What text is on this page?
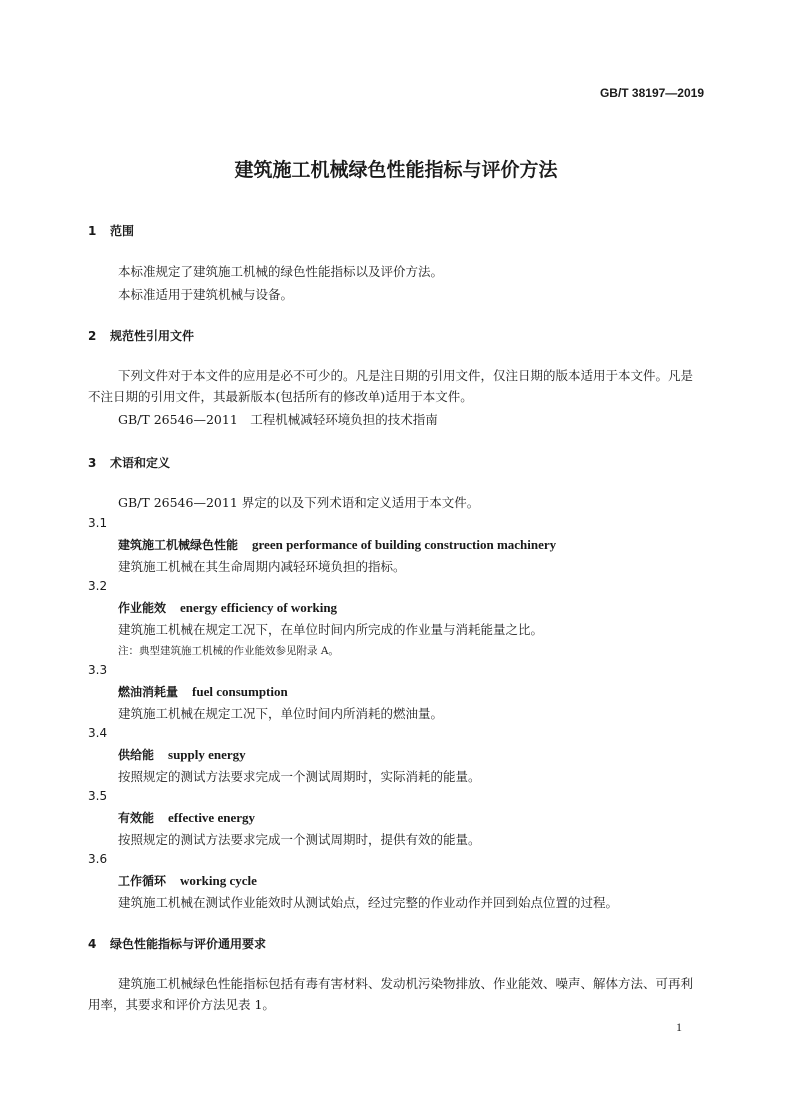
GB/T 38197—2019
建筑施工机械绿色性能指标与评价方法
1 范围
本标准规定了建筑施工机械的绿色性能指标以及评价方法。
本标准适用于建筑机械与设备。
2 规范性引用文件
下列文件对于本文件的应用是必不可少的。凡是注日期的引用文件，仅注日期的版本适用于本文件。凡是不注日期的引用文件，其最新版本(包括所有的修改单)适用于本文件。
GB/T 26546—2011　工程机械减轻环境负担的技术指南
3 术语和定义
GB/T 26546—2011 界定的以及下列术语和定义适用于本文件。
3.1
建筑施工机械绿色性能 green performance of building construction machinery
建筑施工机械在其生命周期内减轻环境负担的指标。
3.2
作业能效 energy efficiency of working
建筑施工机械在规定工况下，在单位时间内所完成的作业量与消耗能量之比。
注：典型建筑施工机械的作业能效参见附录 A。
3.3
燃油消耗量 fuel consumption
建筑施工机械在规定工况下，单位时间内所消耗的燃油量。
3.4
供给能 supply energy
按照规定的测试方法要求完成一个测试周期时，实际消耗的能量。
3.5
有效能 effective energy
按照规定的测试方法要求完成一个测试周期时，提供有效的能量。
3.6
工作循环 working cycle
建筑施工机械在测试作业能效时从测试始点，经过完整的作业动作并回到始点位置的过程。
4 绿色性能指标与评价通用要求
建筑施工机械绿色性能指标包括有毒有害材料、发动机污染物排放、作业能效、噪声、解体方法、可再利用率，其要求和评价方法见表 1。
1
